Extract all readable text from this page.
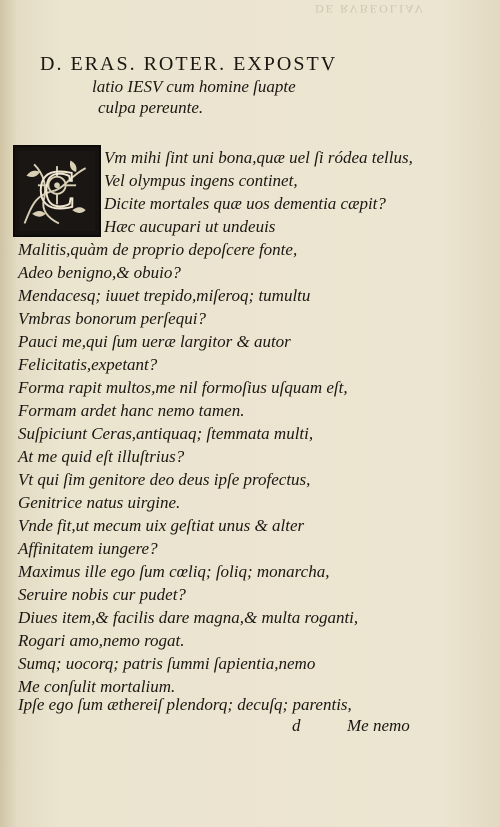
DE RVBEOLIAV
D. ERAS. ROTER. EXPOSTV
latio IESV cum homine ſuapte
culpa pereunte.
C
Vm mihi ſint uni bona,quæ uel ſi ródea tellus,
Vel olympus ingens continet,
Dicite mortales quæ uos dementia cæpit?
Hæc aucupari ut undeuis
Malitis,quàm de proprio depoſcere fonte,
Adeo benigno,& obuio?
Mendacesq; iuuet trepido,miſeroq; tumultu
Vmbras bonorum perſequi?
Pauci me,qui ſum ueræ largitor & autor
Felicitatis,expetant?
Forma rapit multos,me nil formoſius uſquam eſt,
Formam ardet hanc nemo tamen.
Suſpiciunt Ceras,antiquaq; ſtemmata multi,
At me quid eſt illuſtrius?
Vt qui ſim genitore deo deus ipſe profectus,
Genitrice natus uirgine.
Vnde fit,ut mecum uix geſtiat unus & alter
Affinitatem iungere?
Maximus ille ego ſum cœliq; ſoliq; monarcha,
Seruire nobis cur pudet?
Diues item,& facilis dare magna,& multa roganti,
Rogari amo,nemo rogat.
Sumq; uocorq; patris ſummi ſapientia,nemo
Me conſulit mortalium.
Ipſe ego ſum æthereiſ plendorq; decuſq; parentis,
d	Me nemo
